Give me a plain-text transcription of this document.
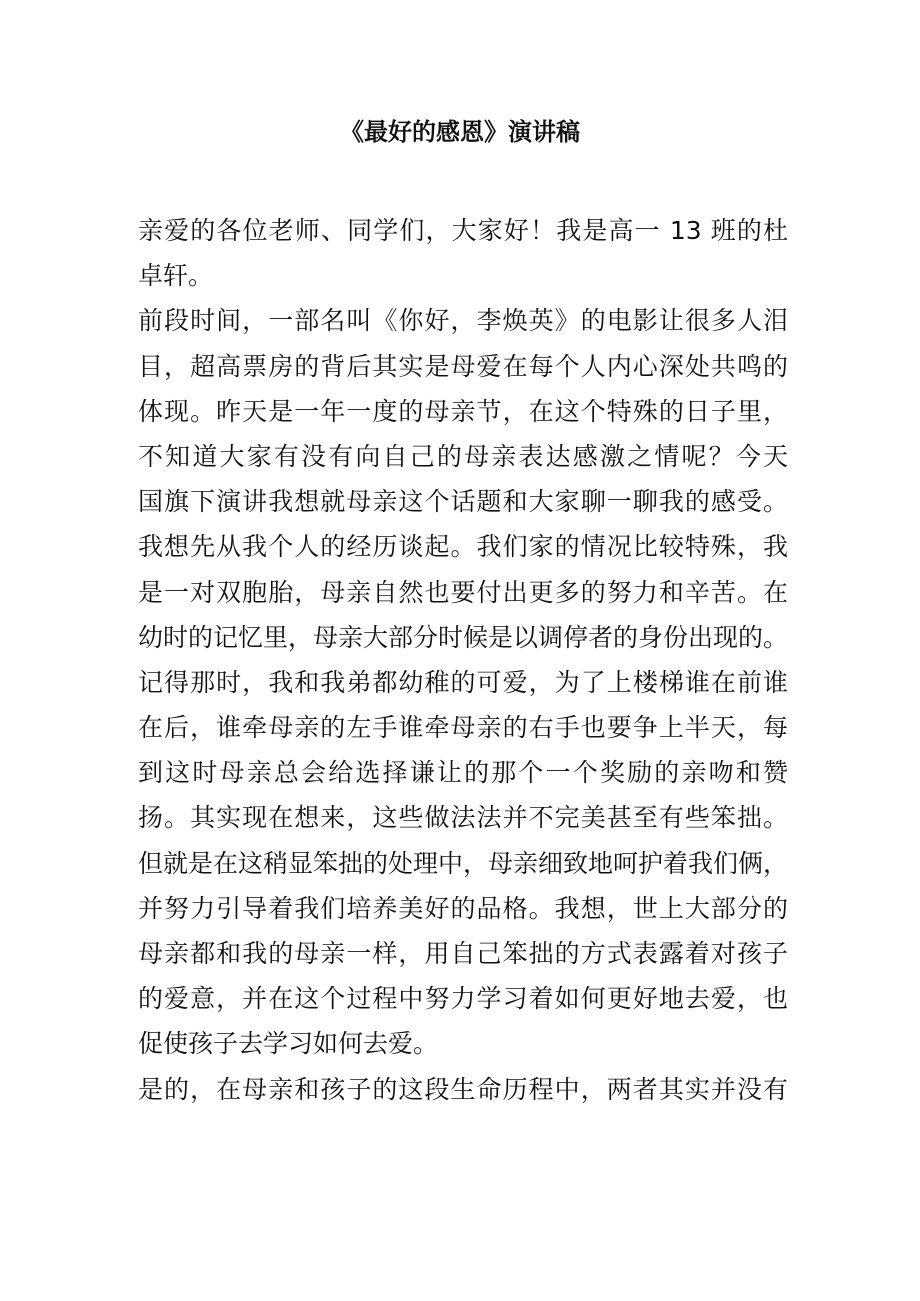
《最好的感恩》演讲稿
亲爱的各位老师、同学们，大家好！我是高一 13 班的杜
卓轩。
前段时间，一部名叫《你好，李焕英》的电影让很多人泪
目，超高票房的背后其实是母爱在每个人内心深处共鸣的
体现。昨天是一年一度的母亲节，在这个特殊的日子里，
不知道大家有没有向自己的母亲表达感激之情呢？今天
国旗下演讲我想就母亲这个话题和大家聊一聊我的感受。
我想先从我个人的经历谈起。我们家的情况比较特殊，我
是一对双胞胎，母亲自然也要付出更多的努力和辛苦。在
幼时的记忆里，母亲大部分时候是以调停者的身份出现的。
记得那时，我和我弟都幼稚的可爱，为了上楼梯谁在前谁
在后，谁牵母亲的左手谁牵母亲的右手也要争上半天，每
到这时母亲总会给选择谦让的那个一个奖励的亲吻和赞
扬。其实现在想来，这些做法法并不完美甚至有些笨拙。
但就是在这稍显笨拙的处理中，母亲细致地呵护着我们俩，
并努力引导着我们培养美好的品格。我想，世上大部分的
母亲都和我的母亲一样，用自己笨拙的方式表露着对孩子
的爱意，并在这个过程中努力学习着如何更好地去爱，也
促使孩子去学习如何去爱。
是的，在母亲和孩子的这段生命历程中，两者其实并没有
